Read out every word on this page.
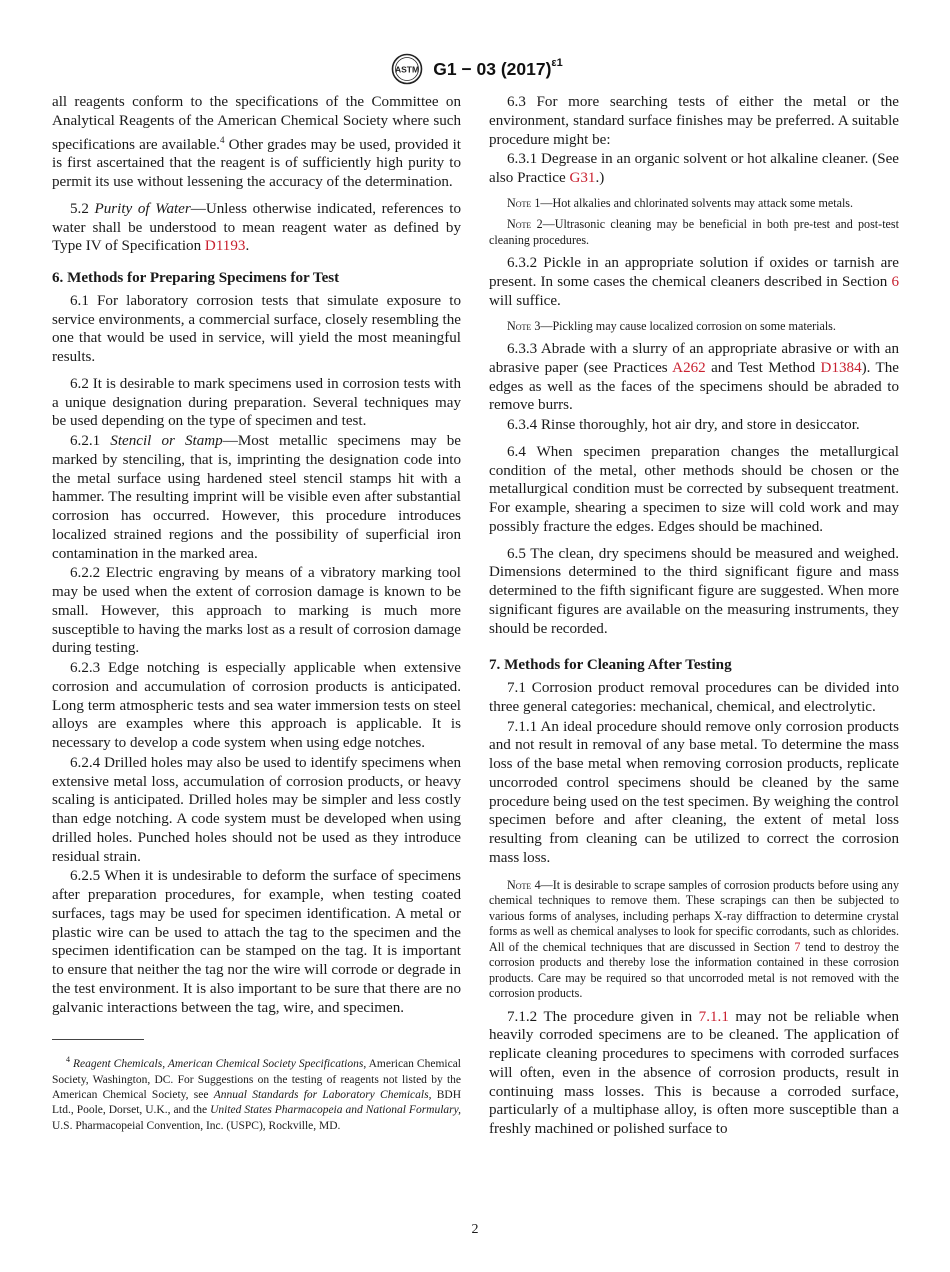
ASTM G1 − 03 $(2017)^{\varepsilon 1}$

all reagents conform to the specifications of the Committee on Analytical Reagents of the American Chemical Society where such specifications are available.$^4$ Other grades may be used, provided it is first ascertained that the reagent is of sufficiently high purity to permit its use without lessening the accuracy of the determination.

5.2 Purity of Water—Unless otherwise indicated, references to water shall be understood to mean reagent water as defined by Type IV of Specification D1193.

6. Methods for Preparing Specimens for Test

6.1 For laboratory corrosion tests that simulate exposure to service environments, a commercial surface, closely resembling the one that would be used in service, will yield the most meaningful results.

6.2 It is desirable to mark specimens used in corrosion tests with a unique designation during preparation. Several techniques may be used depending on the type of specimen and test.

6.2.1 Stencil or Stamp—Most metallic specimens may be marked by stenciling, that is, imprinting the designation code into the metal surface using hardened steel stencil stamps hit with a hammer. The resulting imprint will be visible even after substantial corrosion has occurred. However, this procedure introduces localized strained regions and the possibility of superficial iron contamination in the marked area.

6.2.2 Electric engraving by means of a vibratory marking tool may be used when the extent of corrosion damage is known to be small. However, this approach to marking is much more susceptible to having the marks lost as a result of corrosion damage during testing.

6.2.3 Edge notching is especially applicable when extensive corrosion and accumulation of corrosion products is anticipated. Long term atmospheric tests and sea water immersion tests on steel alloys are examples where this approach is applicable. It is necessary to develop a code system when using edge notches.

6.2.4 Drilled holes may also be used to identify specimens when extensive metal loss, accumulation of corrosion products, or heavy scaling is anticipated. Drilled holes may be simpler and less costly than edge notching. A code system must be developed when using drilled holes. Punched holes should not be used as they introduce residual strain.

6.2.5 When it is undesirable to deform the surface of specimens after preparation procedures, for example, when testing coated surfaces, tags may be used for specimen identification. A metal or plastic wire can be used to attach the tag to the specimen and the specimen identification can be stamped on the tag. It is important to ensure that neither the tag nor the wire will corrode or degrade in the test environment. It is also important to be sure that there are no galvanic interactions between the tag, wire, and specimen.

$^4$ Reagent Chemicals, American Chemical Society Specifications, American Chemical Society, Washington, DC. For Suggestions on the testing of reagents not listed by the American Chemical Society, see Annual Standards for Laboratory Chemicals, BDH Ltd., Poole, Dorset, U.K., and the United States Pharmacopeia and National Formulary, U.S. Pharmacopeial Convention, Inc. (USPC), Rockville, MD.

6.3 For more searching tests of either the metal or the environment, standard surface finishes may be preferred. A suitable procedure might be:

6.3.1 Degrease in an organic solvent or hot alkaline cleaner. (See also Practice G31.)

Note 1—Hot alkalies and chlorinated solvents may attack some metals.

Note 2—Ultrasonic cleaning may be beneficial in both pre-test and post-test cleaning procedures.

6.3.2 Pickle in an appropriate solution if oxides or tarnish are present. In some cases the chemical cleaners described in Section 6 will suffice.

Note 3—Pickling may cause localized corrosion on some materials.

6.3.3 Abrade with a slurry of an appropriate abrasive or with an abrasive paper (see Practices A262 and Test Method D1384). The edges as well as the faces of the specimens should be abraded to remove burrs.

6.3.4 Rinse thoroughly, hot air dry, and store in desiccator.

6.4 When specimen preparation changes the metallurgical condition of the metal, other methods should be chosen or the metallurgical condition must be corrected by subsequent treatment. For example, shearing a specimen to size will cold work and may possibly fracture the edges. Edges should be machined.

6.5 The clean, dry specimens should be measured and weighed. Dimensions determined to the third significant figure and mass determined to the fifth significant figure are suggested. When more significant figures are available on the measuring instruments, they should be recorded.

7. Methods for Cleaning After Testing

7.1 Corrosion product removal procedures can be divided into three general categories: mechanical, chemical, and electrolytic.

7.1.1 An ideal procedure should remove only corrosion products and not result in removal of any base metal. To determine the mass loss of the base metal when removing corrosion products, replicate uncorroded control specimens should be cleaned by the same procedure being used on the test specimen. By weighing the control specimen before and after cleaning, the extent of metal loss resulting from cleaning can be utilized to correct the corrosion mass loss.

Note 4—It is desirable to scrape samples of corrosion products before using any chemical techniques to remove them. These scrapings can then be subjected to various forms of analyses, including perhaps X-ray diffraction to determine crystal forms as well as chemical analyses to look for specific corrodants, such as chlorides. All of the chemical techniques that are discussed in Section 7 tend to destroy the corrosion products and thereby lose the information contained in these corrosion products. Care may be required so that uncorroded metal is not removed with the corrosion products.

7.1.2 The procedure given in 7.1.1 may not be reliable when heavily corroded specimens are to be cleaned. The application of replicate cleaning procedures to specimens with corroded surfaces will often, even in the absence of corrosion products, result in continuing mass losses. This is because a corroded surface, particularly of a multiphase alloy, is often more susceptible than a freshly machined or polished surface to

2
